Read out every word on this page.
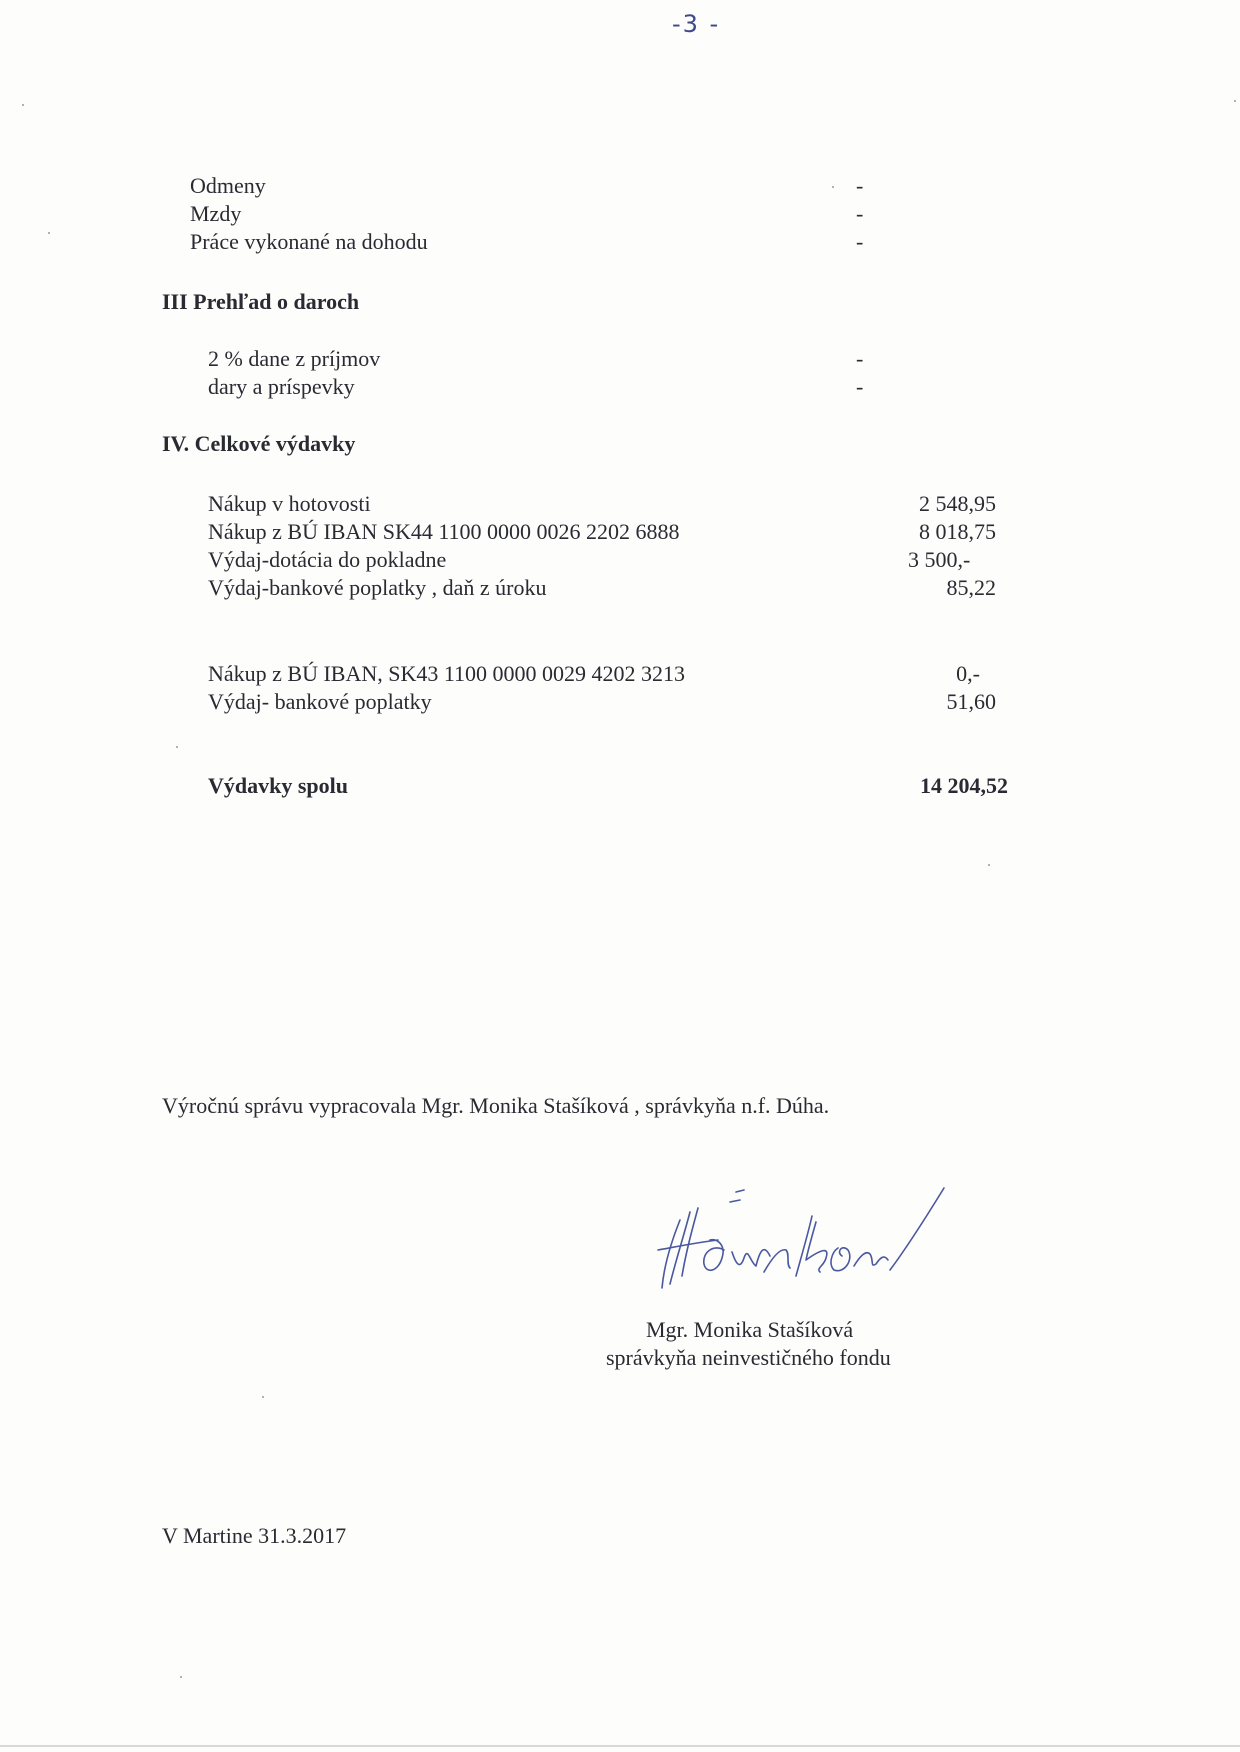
-3 -
Odmeny	-
Mzdy	-
Práce vykonané na dohodu	-
III Prehľad o daroch
2 % dane z príjmov	-
dary a príspevky	-
IV. Celkové výdavky
Nákup v hotovosti	2 548,95
Nákup z BÚ IBAN SK44 1100 0000 0026 2202 6888	8 018,75
Výdaj-dotácia do pokladne	3 500,-
Výdaj-bankové poplatky , daň z úroku	85,22
Nákup z BÚ IBAN, SK43 1100 0000 0029 4202 3213	0,-
Výdaj- bankové poplatky	51,60
Výdavky spolu	14 204,52
Výročnú správu vypracovala Mgr. Monika Stašíková , správkyňa n.f. Dúha.
Mgr. Monika Stašíková
správkyňa neinvestičného fondu
V Martine 31.3.2017
